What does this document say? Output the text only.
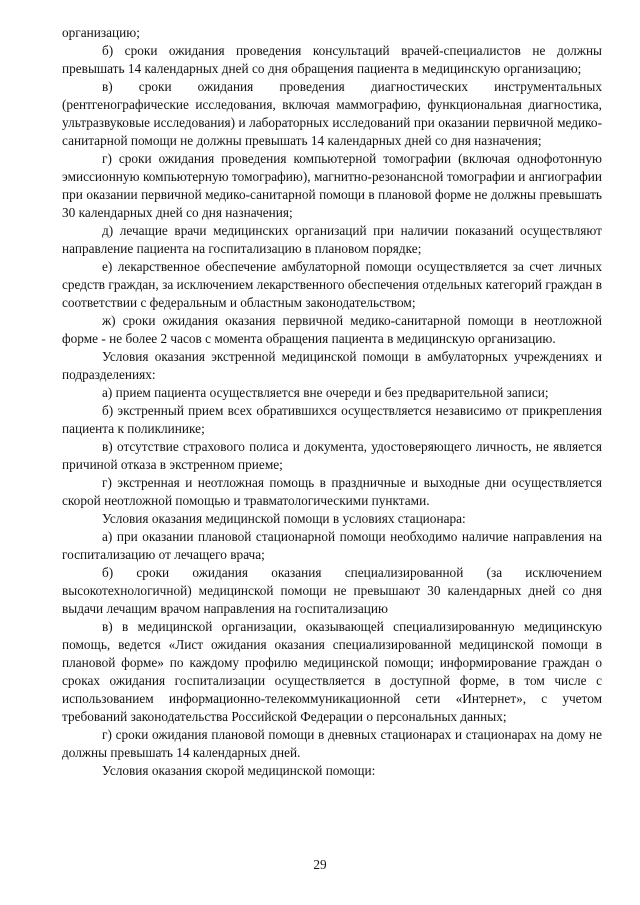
организацию;

б) сроки ожидания проведения консультаций врачей-специалистов не должны превышать 14 календарных дней со дня обращения пациента в медицинскую организацию;

в) сроки ожидания проведения диагностических инструментальных (рентгенографические исследования, включая маммографию, функциональная диагностика, ультразвуковые исследования) и лабораторных исследований при оказании первичной медико-санитарной помощи не должны превышать 14 календарных дней со дня назначения;

г) сроки ожидания проведения компьютерной томографии (включая однофотонную эмиссионную компьютерную томографию), магнитно-резонансной томографии и ангиографии при оказании первичной медико-санитарной помощи в плановой форме не должны превышать 30 календарных дней со дня назначения;

д) лечащие врачи медицинских организаций при наличии показаний осуществляют направление пациента на госпитализацию в плановом порядке;

е) лекарственное обеспечение амбулаторной помощи осуществляется за счет личных средств граждан, за исключением лекарственного обеспечения отдельных категорий граждан в соответствии с федеральным и областным законодательством;

ж) сроки ожидания оказания первичной медико-санитарной помощи в неотложной форме - не более 2 часов с момента обращения пациента в медицинскую организацию.

Условия оказания экстренной медицинской помощи в амбулаторных учреждениях и подразделениях:

а) прием пациента осуществляется вне очереди и без предварительной записи;

б) экстренный прием всех обратившихся осуществляется независимо от прикрепления пациента к поликлинике;

в) отсутствие страхового полиса и документа, удостоверяющего личность, не является причиной отказа в экстренном приеме;

г) экстренная и неотложная помощь в праздничные и выходные дни осуществляется скорой неотложной помощью и травматологическими пунктами.

Условия оказания медицинской помощи в условиях стационара:

а) при оказании плановой стационарной помощи необходимо наличие направления на госпитализацию от лечащего врача;

б) сроки ожидания оказания специализированной (за исключением высокотехнологичной) медицинской помощи не превышают 30 календарных дней со дня выдачи лечащим врачом направления на госпитализацию

в) в медицинской организации, оказывающей специализированную медицинскую помощь, ведется «Лист ожидания оказания специализированной медицинской помощи в плановой форме» по каждому профилю медицинской помощи; информирование граждан о сроках ожидания госпитализации осуществляется в доступной форме, в том числе с использованием информационно-телекоммуникационной сети «Интернет», с учетом требований законодательства Российской Федерации о персональных данных;

г) сроки ожидания плановой помощи в дневных стационарах и стационарах на дому не должны превышать 14 календарных дней.

Условия оказания скорой медицинской помощи:

29
